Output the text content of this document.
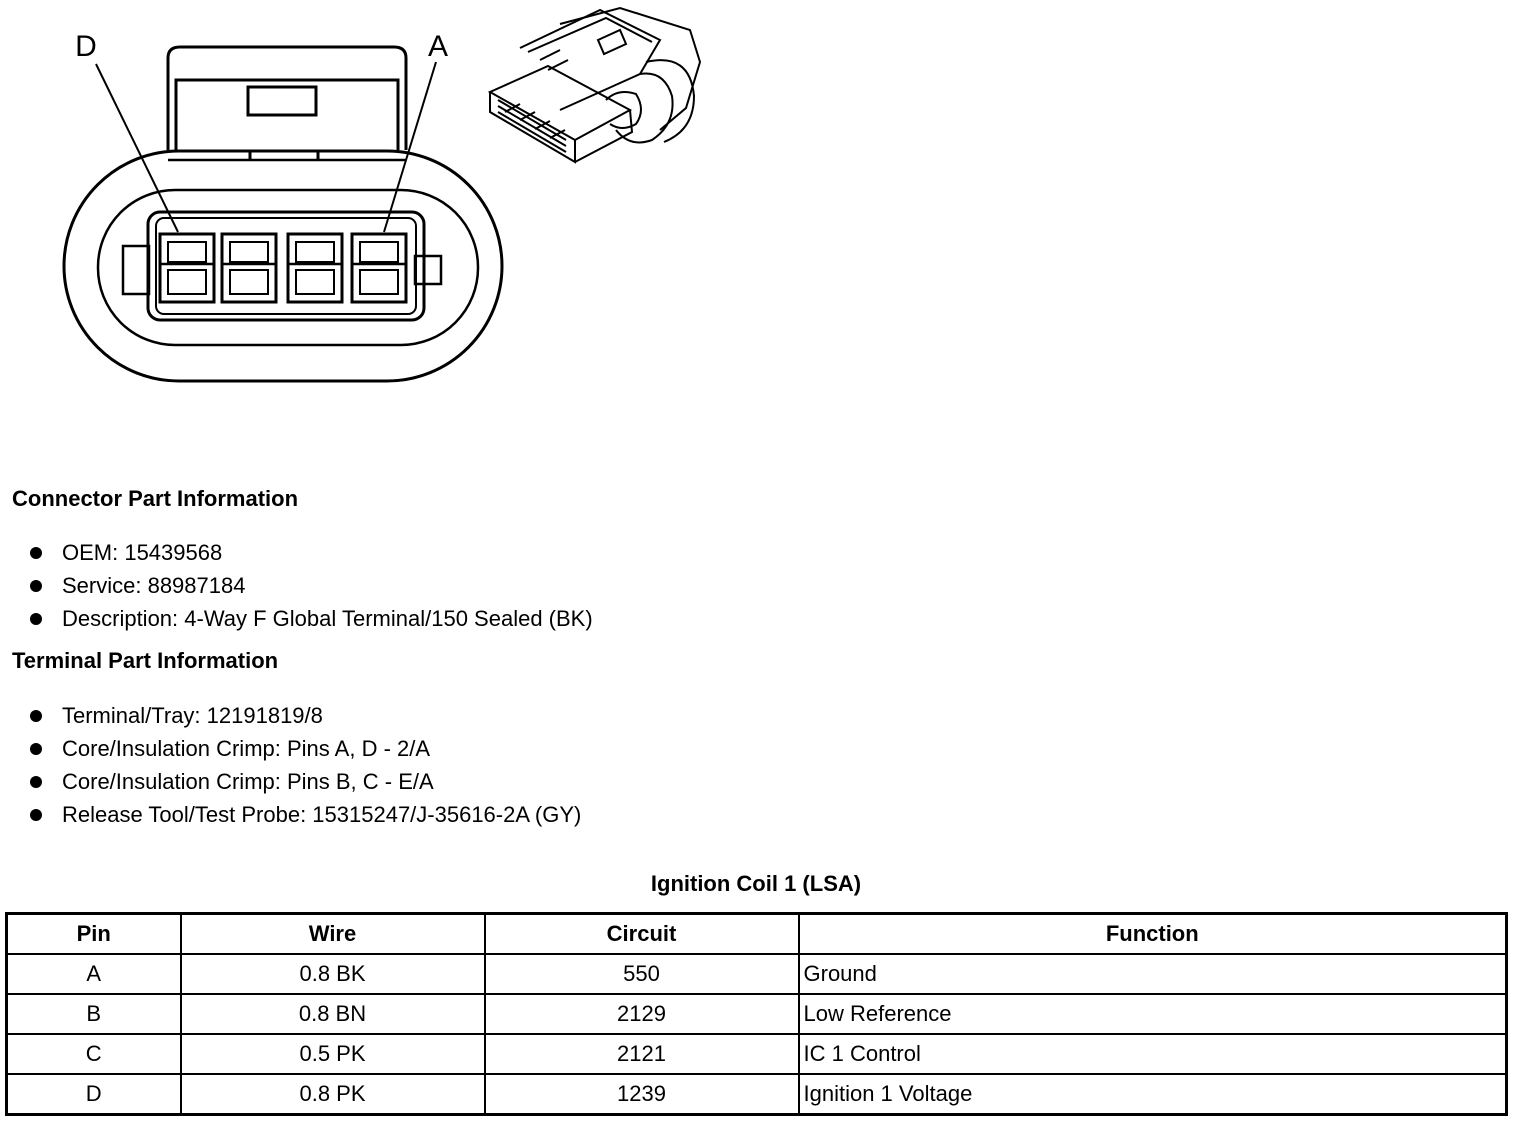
D	A
Connector Part Information
OEM: 15439568
Service: 88987184
Description: 4-Way F Global Terminal/150 Sealed (BK)
Terminal Part Information
Terminal/Tray: 12191819/8
Core/Insulation Crimp: Pins A, D - 2/A
Core/Insulation Crimp: Pins B, C - E/A
Release Tool/Test Probe: 15315247/J-35616-2A (GY)
Ignition Coil 1 (LSA)
Pin	Wire	Circuit	Function
A	0.8 BK	550	Ground
B	0.8 BN	2129	Low Reference
C	0.5 PK	2121	IC 1 Control
D	0.8 PK	1239	Ignition 1 Voltage
